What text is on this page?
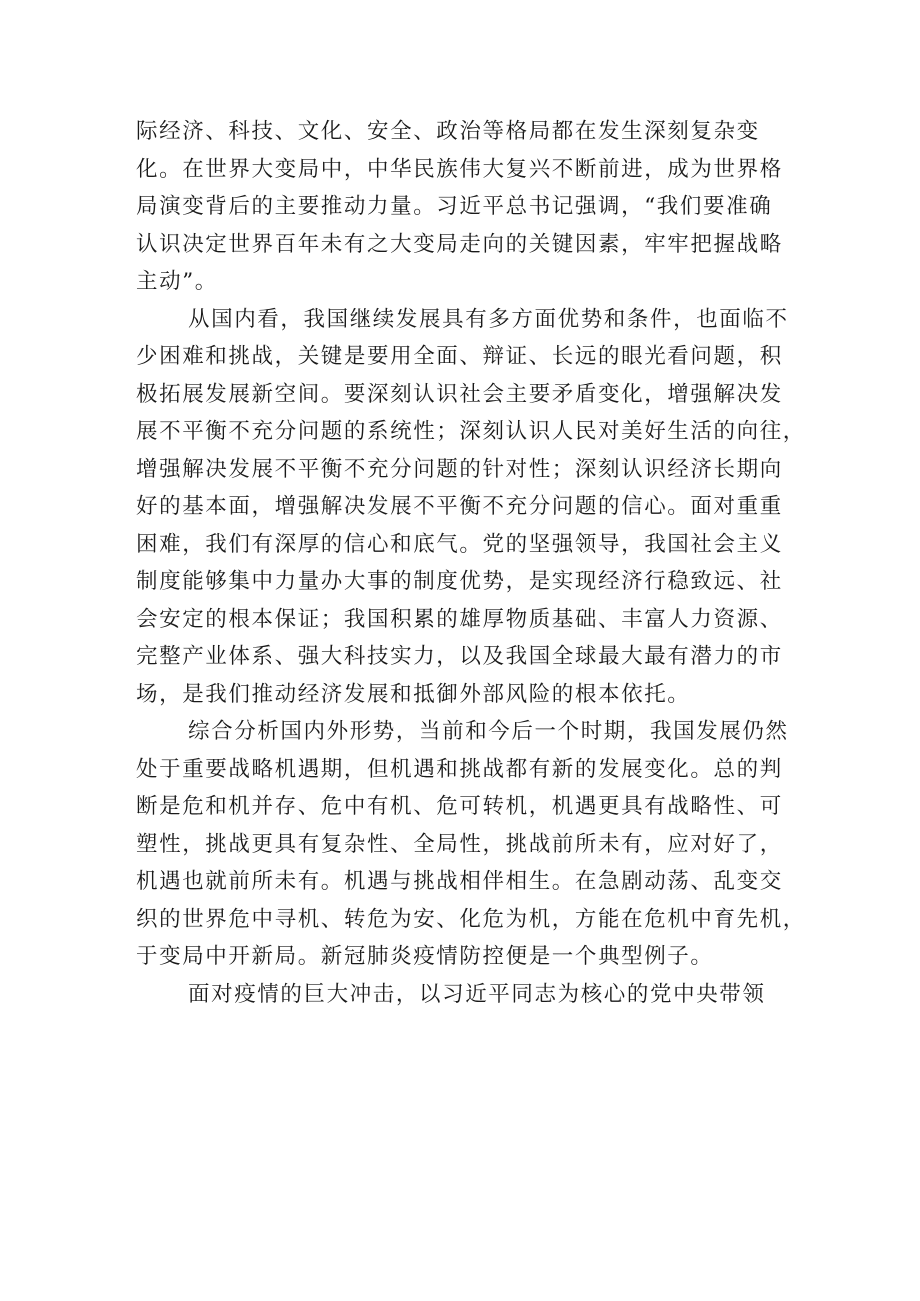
际经济、科技、文化、安全、政治等格局都在发生深刻复杂变
化。在世界大变局中，中华民族伟大复兴不断前进，成为世界格
局演变背后的主要推动力量。习近平总书记强调，“我们要准确
认识决定世界百年未有之大变局走向的关键因素，牢牢把握战略
主动”。
从国内看，我国继续发展具有多方面优势和条件，也面临不
少困难和挑战，关键是要用全面、辩证、长远的眼光看问题，积
极拓展发展新空间。要深刻认识社会主要矛盾变化，增强解决发
展不平衡不充分问题的系统性；深刻认识人民对美好生活的向往，
增强解决发展不平衡不充分问题的针对性；深刻认识经济长期向
好的基本面，增强解决发展不平衡不充分问题的信心。面对重重
困难，我们有深厚的信心和底气。党的坚强领导，我国社会主义
制度能够集中力量办大事的制度优势，是实现经济行稳致远、社
会安定的根本保证；我国积累的雄厚物质基础、丰富人力资源、
完整产业体系、强大科技实力，以及我国全球最大最有潜力的市
场，是我们推动经济发展和抵御外部风险的根本依托。
综合分析国内外形势，当前和今后一个时期，我国发展仍然
处于重要战略机遇期，但机遇和挑战都有新的发展变化。总的判
断是危和机并存、危中有机、危可转机，机遇更具有战略性、可
塑性，挑战更具有复杂性、全局性，挑战前所未有，应对好了，
机遇也就前所未有。机遇与挑战相伴相生。在急剧动荡、乱变交
织的世界危中寻机、转危为安、化危为机，方能在危机中育先机，
于变局中开新局。新冠肺炎疫情防控便是一个典型例子。
面对疫情的巨大冲击，以习近平同志为核心的党中央带领
